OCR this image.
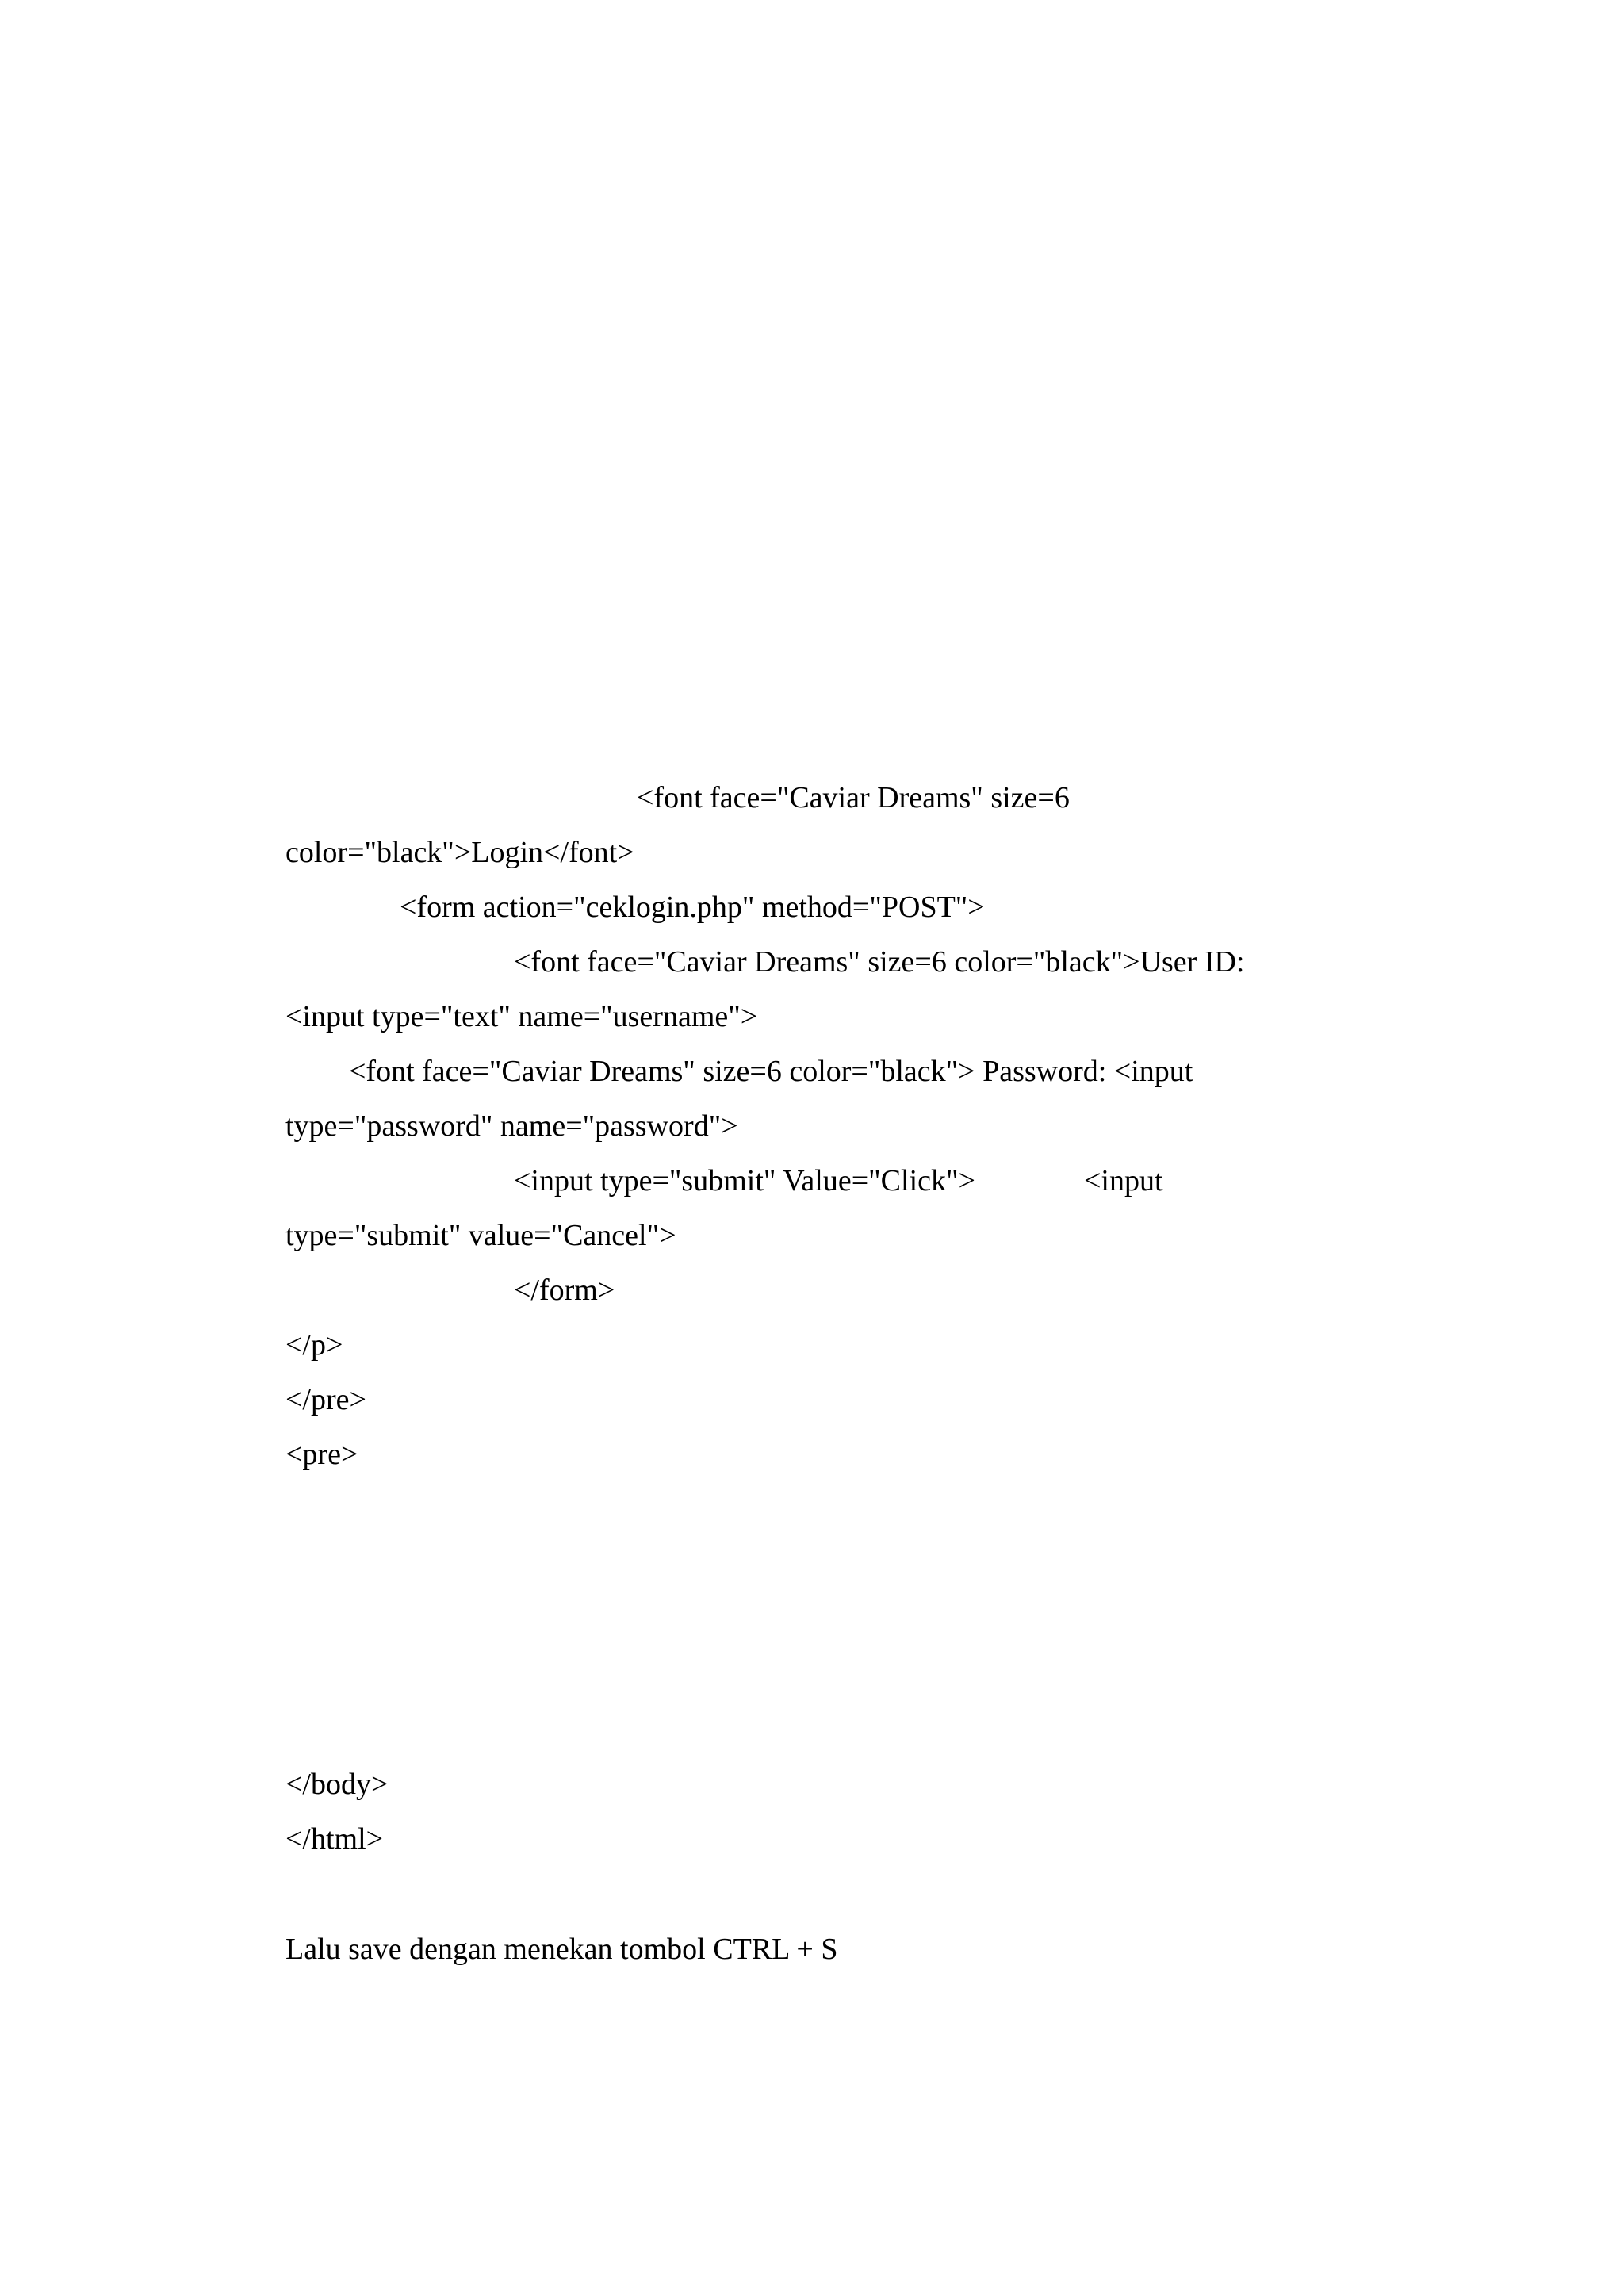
<font face="Caviar Dreams" size=6
color="black">Login</font>
<form action="ceklogin.php" method="POST">
<font face="Caviar Dreams" size=6 color="black">User ID:
<input type="text" name="username">
<font face="Caviar Dreams" size=6 color="black"> Password: <input
type="password" name="password">
<input type="submit" Value="Click">	<input
type="submit" value="Cancel">
</form>
</p>
</pre>
<pre>
</body>
</html>
Lalu save dengan menekan tombol CTRL + S
